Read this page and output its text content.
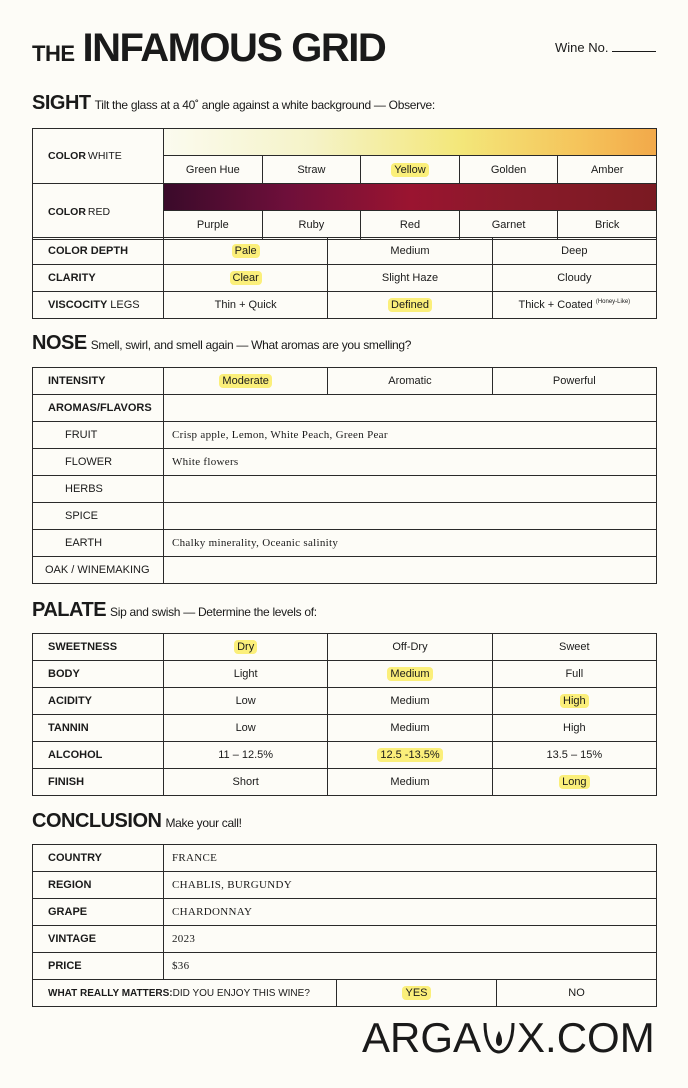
THE INFAMOUS GRID	Wine No.
SIGHT Tilt the glass at a 40˚ angle against a white background — Observe:
COLOR WHITE
Green Hue	Straw	Yellow	Golden	Amber
COLOR RED
Purple	Ruby	Red	Garnet	Brick
COLOR DEPTH	Pale	Medium	Deep
CLARITY	Clear	Slight Haze	Cloudy
VISCOCITY LEGS	Thin + Quick	Defined	Thick + Coated $^{(Honey-Like)}$
NOSE Smell, swirl, and smell again — What aromas are you smelling?
INTENSITY	Moderate	Aromatic	Powerful
AROMAS/FLAVORS			
FRUIT	Crisp apple, Lemon, White Peach, Green Pear		
FLOWER	White flowers		
HERBS			
SPICE			
EARTH	Chalky minerality, Oceanic salinity		
OAK / WINEMAKING			
PALATE Sip and swish — Determine the levels of:
SWEETNESS	Dry	Off-Dry	Sweet
BODY	Light	Medium	Full
ACIDITY	Low	Medium	High
TANNIN	Low	Medium	High
ALCOHOL	11 – 12.5%	12.5 -13.5%	13.5 – 15%
FINISH	Short	Medium	Long
CONCLUSION Make your call!
COUNTRY	FRANCE
REGION	CHABLIS, BURGUNDY
GRAPE	CHARDONNAY
VINTAGE	2023
PRICE	$36
WHAT REALLY MATTERS:DID YOU ENJOY THIS WINE?	YES	NO
ARGA X.COM
